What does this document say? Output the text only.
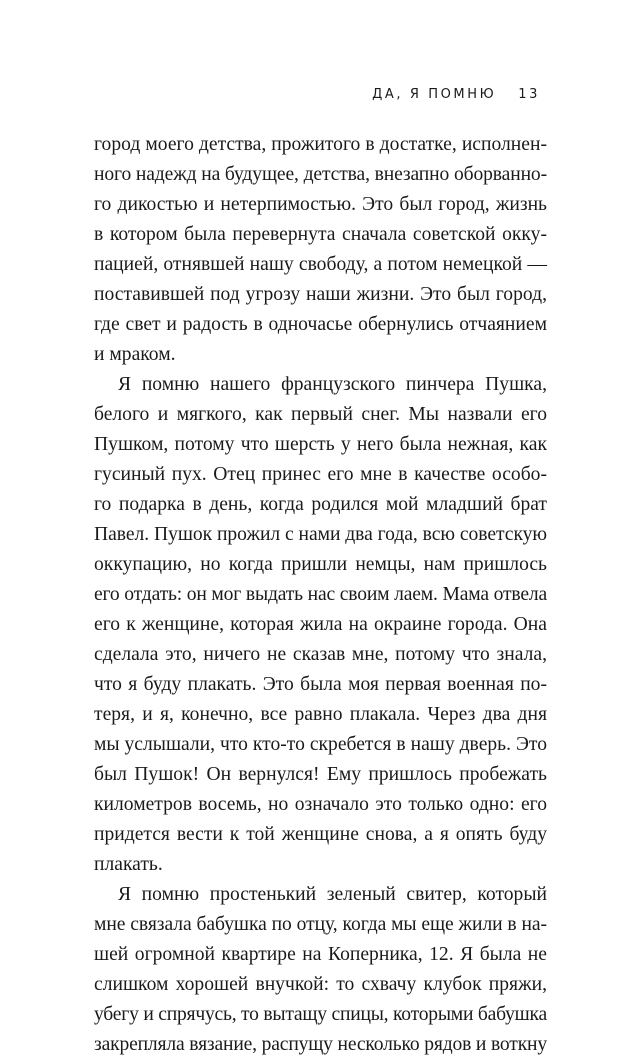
ДА, Я ПОМНЮ 13
город моего детства, прожитого в достатке, исполнен-
ного надежд на будущее, детства, внезапно оборванно-
го дикостью и нетерпимостью. Это был город, жизнь
в котором была перевернута сначала советской окку-
пацией, отнявшей нашу свободу, а потом немецкой —
поставившей под угрозу наши жизни. Это был город,
где свет и радость в одночасье обернулись отчаянием
и мраком.
Я помню нашего французского пинчера Пушка,
белого и мягкого, как первый снег. Мы назвали его
Пушком, потому что шерсть у него была нежная, как
гусиный пух. Отец принес его мне в качестве особо-
го подарка в день, когда родился мой младший брат
Павел. Пушок прожил с нами два года, всю советскую
оккупацию, но когда пришли немцы, нам пришлось
его отдать: он мог выдать нас своим лаем. Мама отвела
его к женщине, которая жила на окраине города. Она
сделала это, ничего не сказав мне, потому что знала,
что я буду плакать. Это была моя первая военная по-
теря, и я, конечно, все равно плакала. Через два дня
мы услышали, что кто-то скребется в нашу дверь. Это
был Пушок! Он вернулся! Ему пришлось пробежать
километров восемь, но означало это только одно: его
придется вести к той женщине снова, а я опять буду
плакать.
Я помню простенький зеленый свитер, который
мне связала бабушка по отцу, когда мы еще жили в на-
шей огромной квартире на Коперника, 12. Я была не
слишком хорошей внучкой: то схвачу клубок пряжи,
убегу и спрячусь, то вытащу спицы, которыми бабушка
закрепляла вязание, распущу несколько рядов и воткну
